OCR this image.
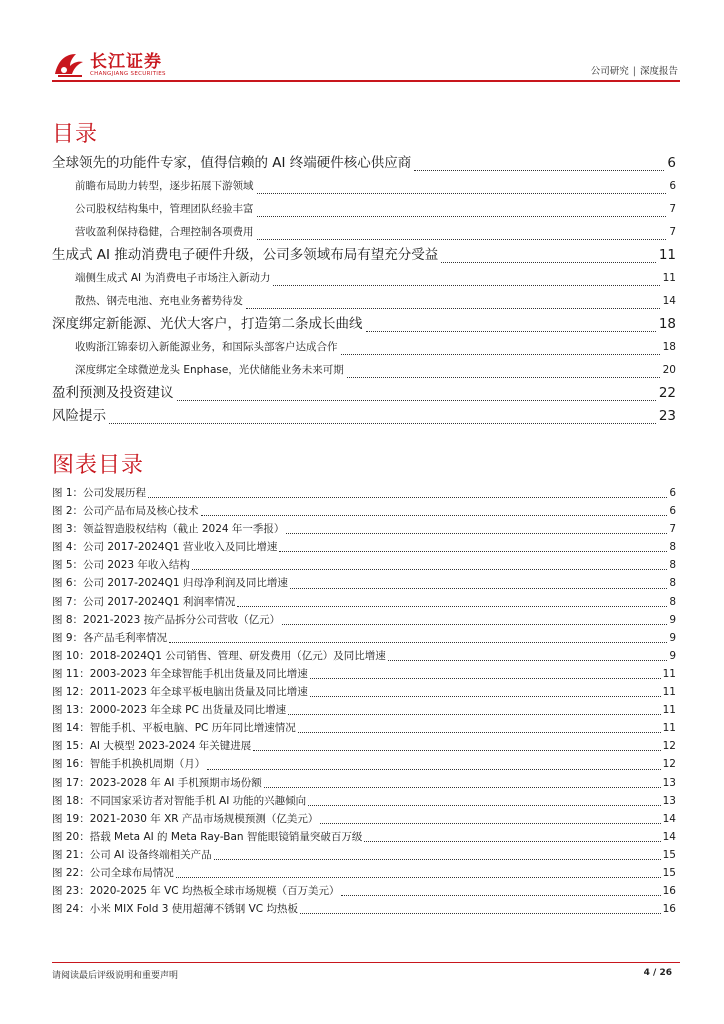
长江证券
CHANGJIANG SECURITIES	公司研究 | 深度报告
目录
全球领先的功能件专家，值得信赖的 AI 终端硬件核心供应商	6
前瞻布局助力转型，逐步拓展下游领域	6
公司股权结构集中，管理团队经验丰富	7
营收盈利保持稳健，合理控制各项费用	7
生成式 AI 推动消费电子硬件升级，公司多领域布局有望充分受益	11
端侧生成式 AI 为消费电子市场注入新动力	11
散热、钢壳电池、充电业务蓄势待发	14
深度绑定新能源、光伏大客户，打造第二条成长曲线	18
收购浙江锦泰切入新能源业务，和国际头部客户达成合作	18
深度绑定全球微逆龙头 Enphase，光伏储能业务未来可期	20
盈利预测及投资建议	22
风险提示	23
图表目录
图 1：公司发展历程	6
图 2：公司产品布局及核心技术	6
图 3：领益智造股权结构（截止 2024 年一季报）	7
图 4：公司 2017-2024Q1 营业收入及同比增速	8
图 5：公司 2023 年收入结构	8
图 6：公司 2017-2024Q1 归母净利润及同比增速	8
图 7：公司 2017-2024Q1 利润率情况	8
图 8：2021-2023 按产品拆分公司营收（亿元）	9
图 9：各产品毛利率情况	9
图 10：2018-2024Q1 公司销售、管理、研发费用（亿元）及同比增速	9
图 11：2003-2023 年全球智能手机出货量及同比增速	11
图 12：2011-2023 年全球平板电脑出货量及同比增速	11
图 13：2000-2023 年全球 PC 出货量及同比增速	11
图 14：智能手机、平板电脑、PC 历年同比增速情况	11
图 15：AI 大模型 2023-2024 年关键进展	12
图 16：智能手机换机周期（月）	12
图 17：2023-2028 年 AI 手机预期市场份额	13
图 18：不同国家采访者对智能手机 AI 功能的兴趣倾向	13
图 19：2021-2030 年 XR 产品市场规模预测（亿美元）	14
图 20：搭载 Meta AI 的 Meta Ray-Ban 智能眼镜销量突破百万级	14
图 21：公司 AI 设备终端相关产品	15
图 22：公司全球布局情况	15
图 23：2020-2025 年 VC 均热板全球市场规模（百万美元）	16
图 24：小米 MIX Fold 3 使用超薄不锈钢 VC 均热板	16
请阅读最后评级说明和重要声明	4 / 26
